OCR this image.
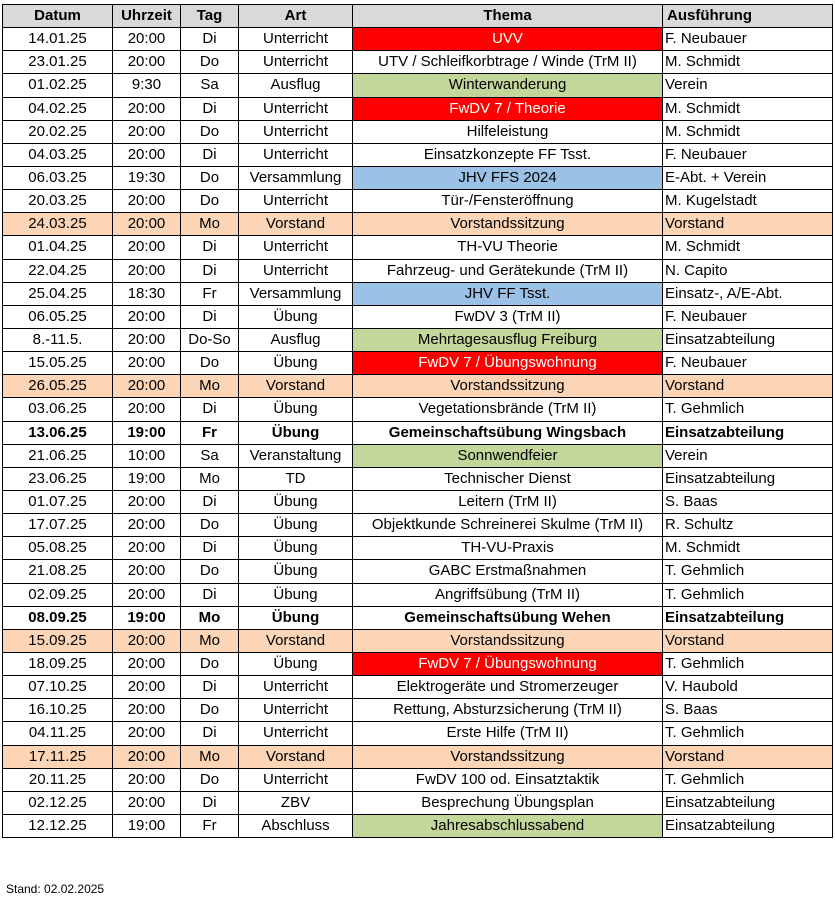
Datum	Uhrzeit	Tag	Art	Thema	Ausführung
14.01.25	20:00	Di	Unterricht	UVV	F. Neubauer
23.01.25	20:00	Do	Unterricht	UTV / Schleifkorbtrage / Winde (TrM II)	M. Schmidt
01.02.25	9:30	Sa	Ausflug	Winterwanderung	Verein
04.02.25	20:00	Di	Unterricht	FwDV 7 / Theorie	M. Schmidt
20.02.25	20:00	Do	Unterricht	Hilfeleistung	M. Schmidt
04.03.25	20:00	Di	Unterricht	Einsatzkonzepte FF Tsst.	F. Neubauer
06.03.25	19:30	Do	Versammlung	JHV FFS 2024	E-Abt. + Verein
20.03.25	20:00	Do	Unterricht	Tür-/Fensteröffnung	M. Kugelstadt
24.03.25	20:00	Mo	Vorstand	Vorstandssitzung	Vorstand
01.04.25	20:00	Di	Unterricht	TH-VU Theorie	M. Schmidt
22.04.25	20:00	Di	Unterricht	Fahrzeug- und Gerätekunde (TrM II)	N. Capito
25.04.25	18:30	Fr	Versammlung	JHV FF Tsst.	Einsatz-, A/E-Abt.
06.05.25	20:00	Di	Übung	FwDV 3 (TrM II)	F. Neubauer
8.-11.5.	20:00	Do-So	Ausflug	Mehrtagesausflug Freiburg	Einsatzabteilung
15.05.25	20:00	Do	Übung	FwDV 7 / Übungswohnung	F. Neubauer
26.05.25	20:00	Mo	Vorstand	Vorstandssitzung	Vorstand
03.06.25	20:00	Di	Übung	Vegetationsbrände (TrM II)	T. Gehmlich
13.06.25	19:00	Fr	Übung	Gemeinschaftsübung Wingsbach	Einsatzabteilung
21.06.25	10:00	Sa	Veranstaltung	Sonnwendfeier	Verein
23.06.25	19:00	Mo	TD	Technischer Dienst	Einsatzabteilung
01.07.25	20:00	Di	Übung	Leitern (TrM II)	S. Baas
17.07.25	20:00	Do	Übung	Objektkunde Schreinerei Skulme (TrM II)	R. Schultz
05.08.25	20:00	Di	Übung	TH-VU-Praxis	M. Schmidt
21.08.25	20:00	Do	Übung	GABC Erstmaßnahmen	T. Gehmlich
02.09.25	20:00	Di	Übung	Angriffsübung (TrM II)	T. Gehmlich
08.09.25	19:00	Mo	Übung	Gemeinschaftsübung Wehen	Einsatzabteilung
15.09.25	20:00	Mo	Vorstand	Vorstandssitzung	Vorstand
18.09.25	20:00	Do	Übung	FwDV 7 / Übungswohnung	T. Gehmlich
07.10.25	20:00	Di	Unterricht	Elektrogeräte und Stromerzeuger	V. Haubold
16.10.25	20:00	Do	Unterricht	Rettung, Absturzsicherung (TrM II)	S. Baas
04.11.25	20:00	Di	Unterricht	Erste Hilfe (TrM II)	T. Gehmlich
17.11.25	20:00	Mo	Vorstand	Vorstandssitzung	Vorstand
20.11.25	20:00	Do	Unterricht	FwDV 100 od. Einsatztaktik	T. Gehmlich
02.12.25	20:00	Di	ZBV	Besprechung Übungsplan	Einsatzabteilung
12.12.25	19:00	Fr	Abschluss	Jahresabschlussabend	Einsatzabteilung
Stand: 02.02.2025
